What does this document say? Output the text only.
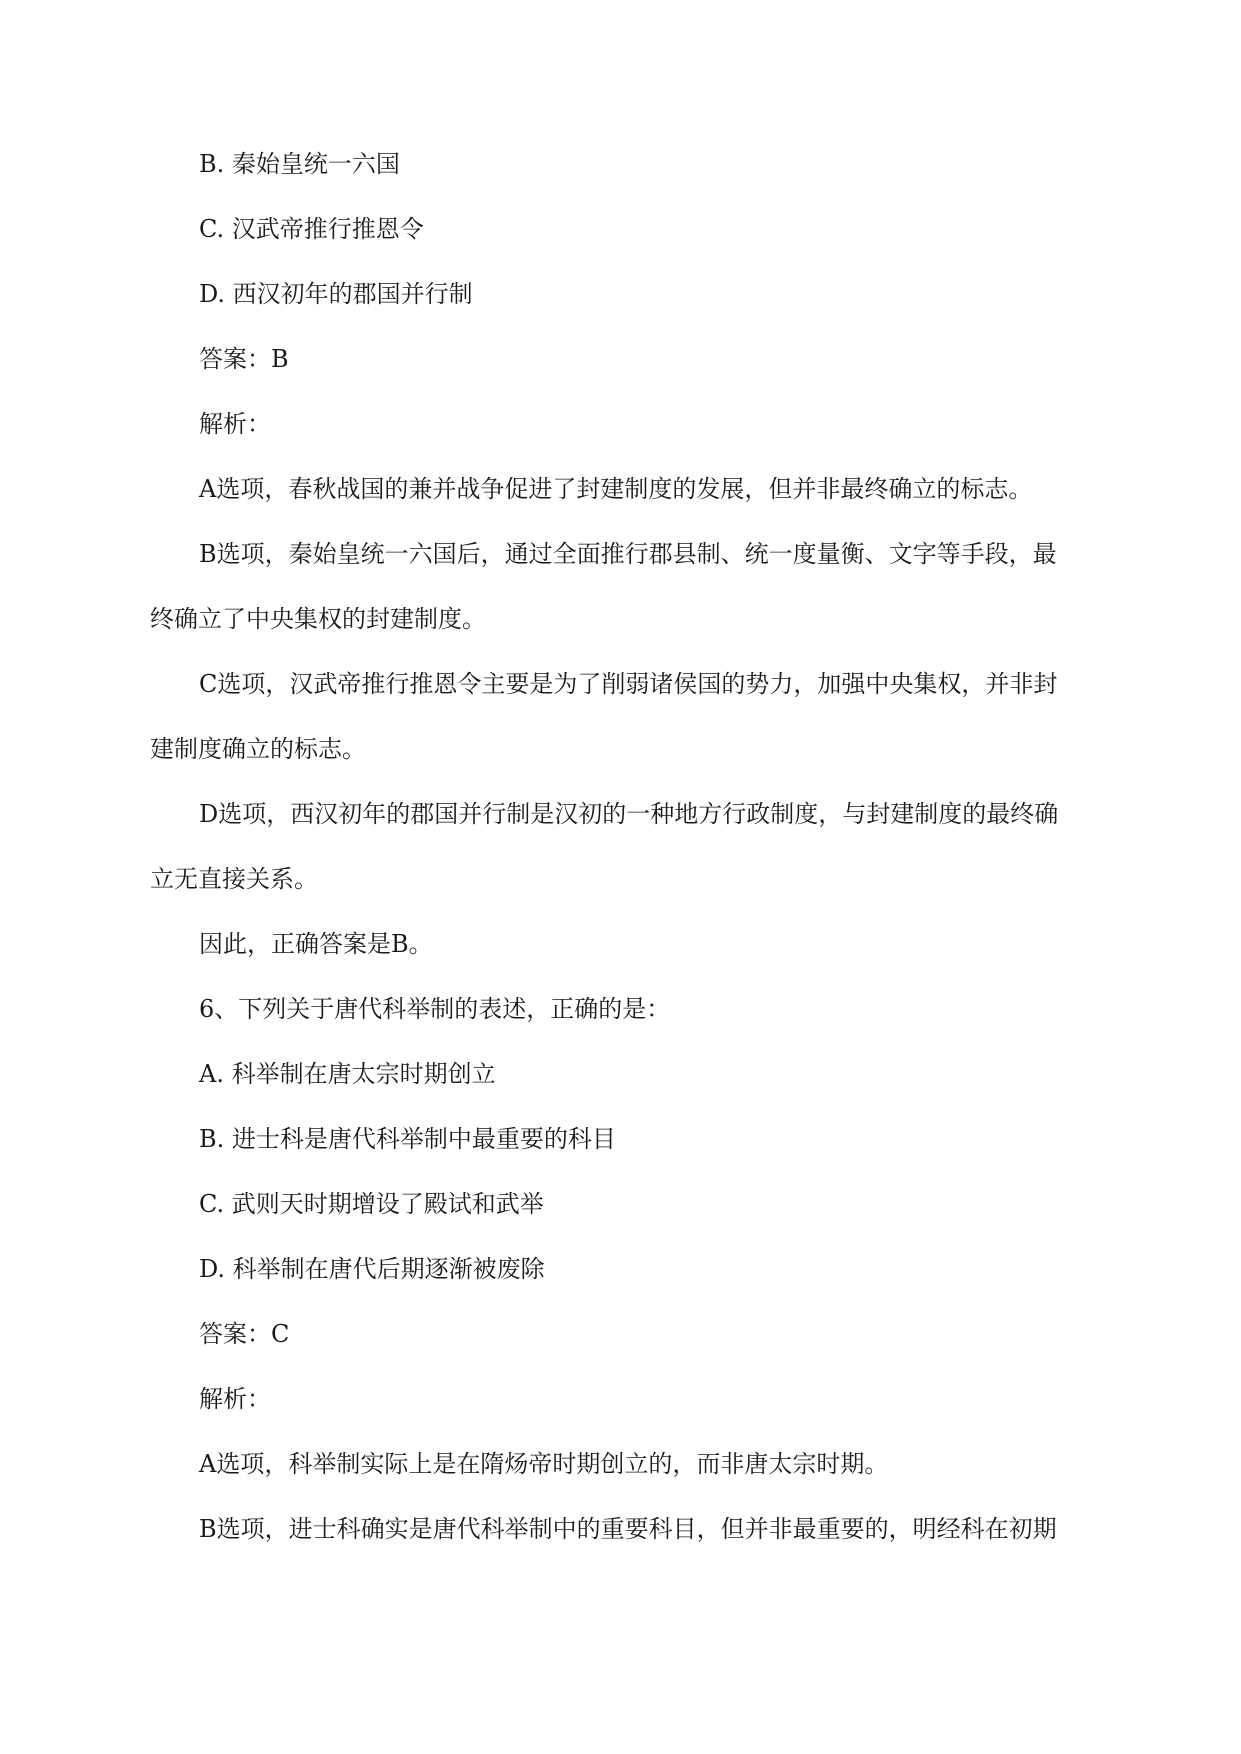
B. 秦始皇统一六国
C. 汉武帝推行推恩令
D. 西汉初年的郡国并行制
答案：B
解析：
A选项，春秋战国的兼并战争促进了封建制度的发展，但并非最终确立的标志。
B选项，秦始皇统一六国后，通过全面推行郡县制、统一度量衡、文字等手段，最
终确立了中央集权的封建制度。
C选项，汉武帝推行推恩令主要是为了削弱诸侯国的势力，加强中央集权，并非封
建制度确立的标志。
D选项，西汉初年的郡国并行制是汉初的一种地方行政制度，与封建制度的最终确
立无直接关系。
因此，正确答案是B。
6、下列关于唐代科举制的表述，正确的是：
A. 科举制在唐太宗时期创立
B. 进士科是唐代科举制中最重要的科目
C. 武则天时期增设了殿试和武举
D. 科举制在唐代后期逐渐被废除
答案：C
解析：
A选项，科举制实际上是在隋炀帝时期创立的，而非唐太宗时期。
B选项，进士科确实是唐代科举制中的重要科目，但并非最重要的，明经科在初期
